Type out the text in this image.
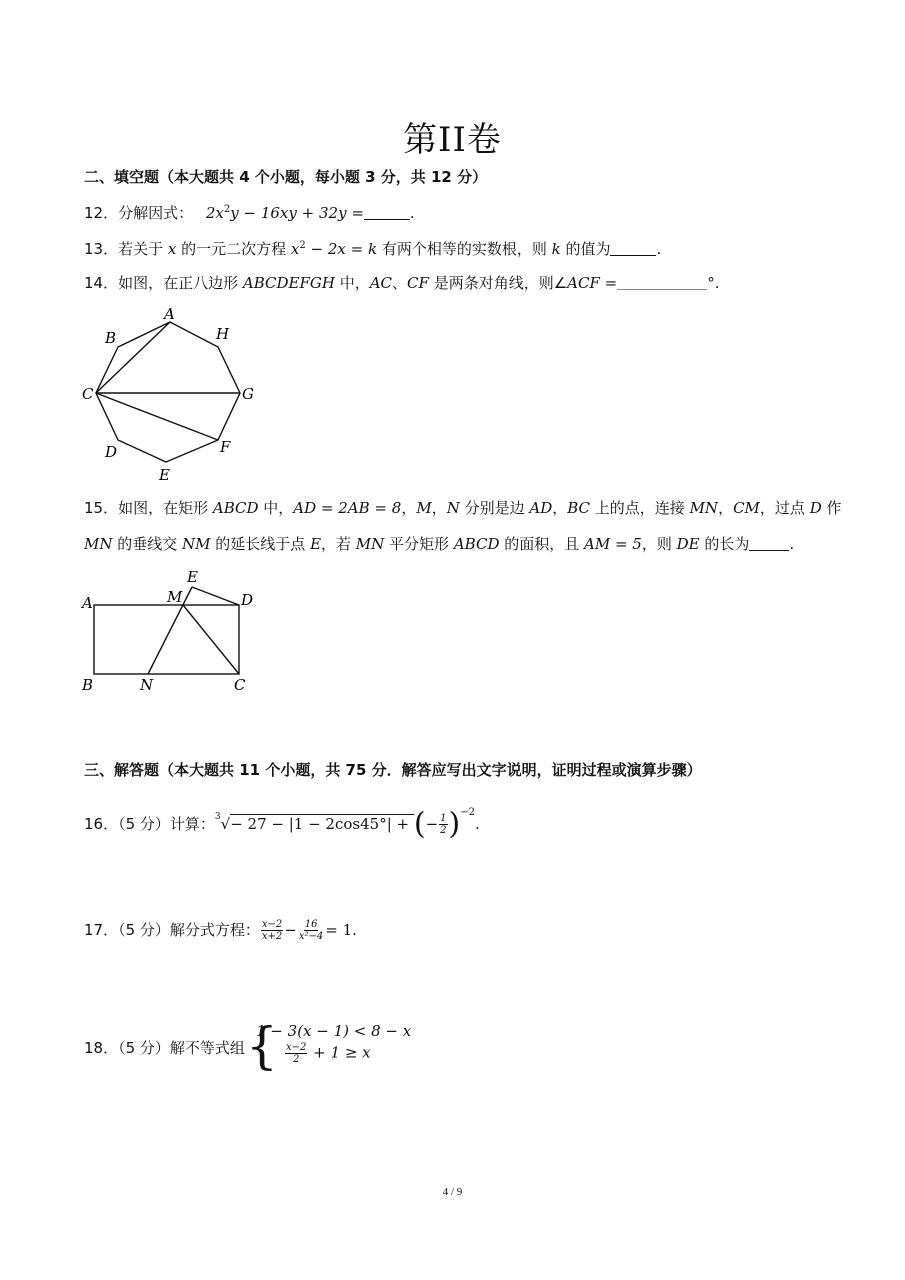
第II卷
二、填空题（本大题共 4 个小题，每小题 3 分，共 12 分）
12．分解因式： $2x^2y - 16xy + 32y$ =	.
13．若关于 x 的一元二次方程 $x^2 - 2x = k$ 有两个相等的实数根，则 k 的值为	.
14．如图，在正八边形 ABCDEFGH 中，AC、CF 是两条对角线，则∠ACF =	°.
A
B
C
D
E
F
G
H
15．如图，在矩形 ABCD 中，AD = 2AB = 8，M，N 分别是边 AD，BC 上的点，连接 MN，CM，过点 D 作
MN 的垂线交 NM 的延长线于点 E，若 MN 平分矩形 ABCD 的面积，且 AM = 5，则 DE 的长为	.
A
B	C
D
M
N
E
三、解答题（本大题共 11 个小题，共 75 分．解答应写出文字说明，证明过程或演算步骤）
16．（5 分）计算：$^3$√− 27 − |1 − 2cos45°| + (− $\frac{1}{2} )^{-2}$.
17．（5 分）解分式方程： $\frac{x-2}{x+2} - \frac{16}{\text{x²−4}} = 1$.
18．（5 分）解不等式组 {
1 − 3(x − 1) < 8 − x
$\frac{x-2}{2} + 1 \ge x$
4 / 9
